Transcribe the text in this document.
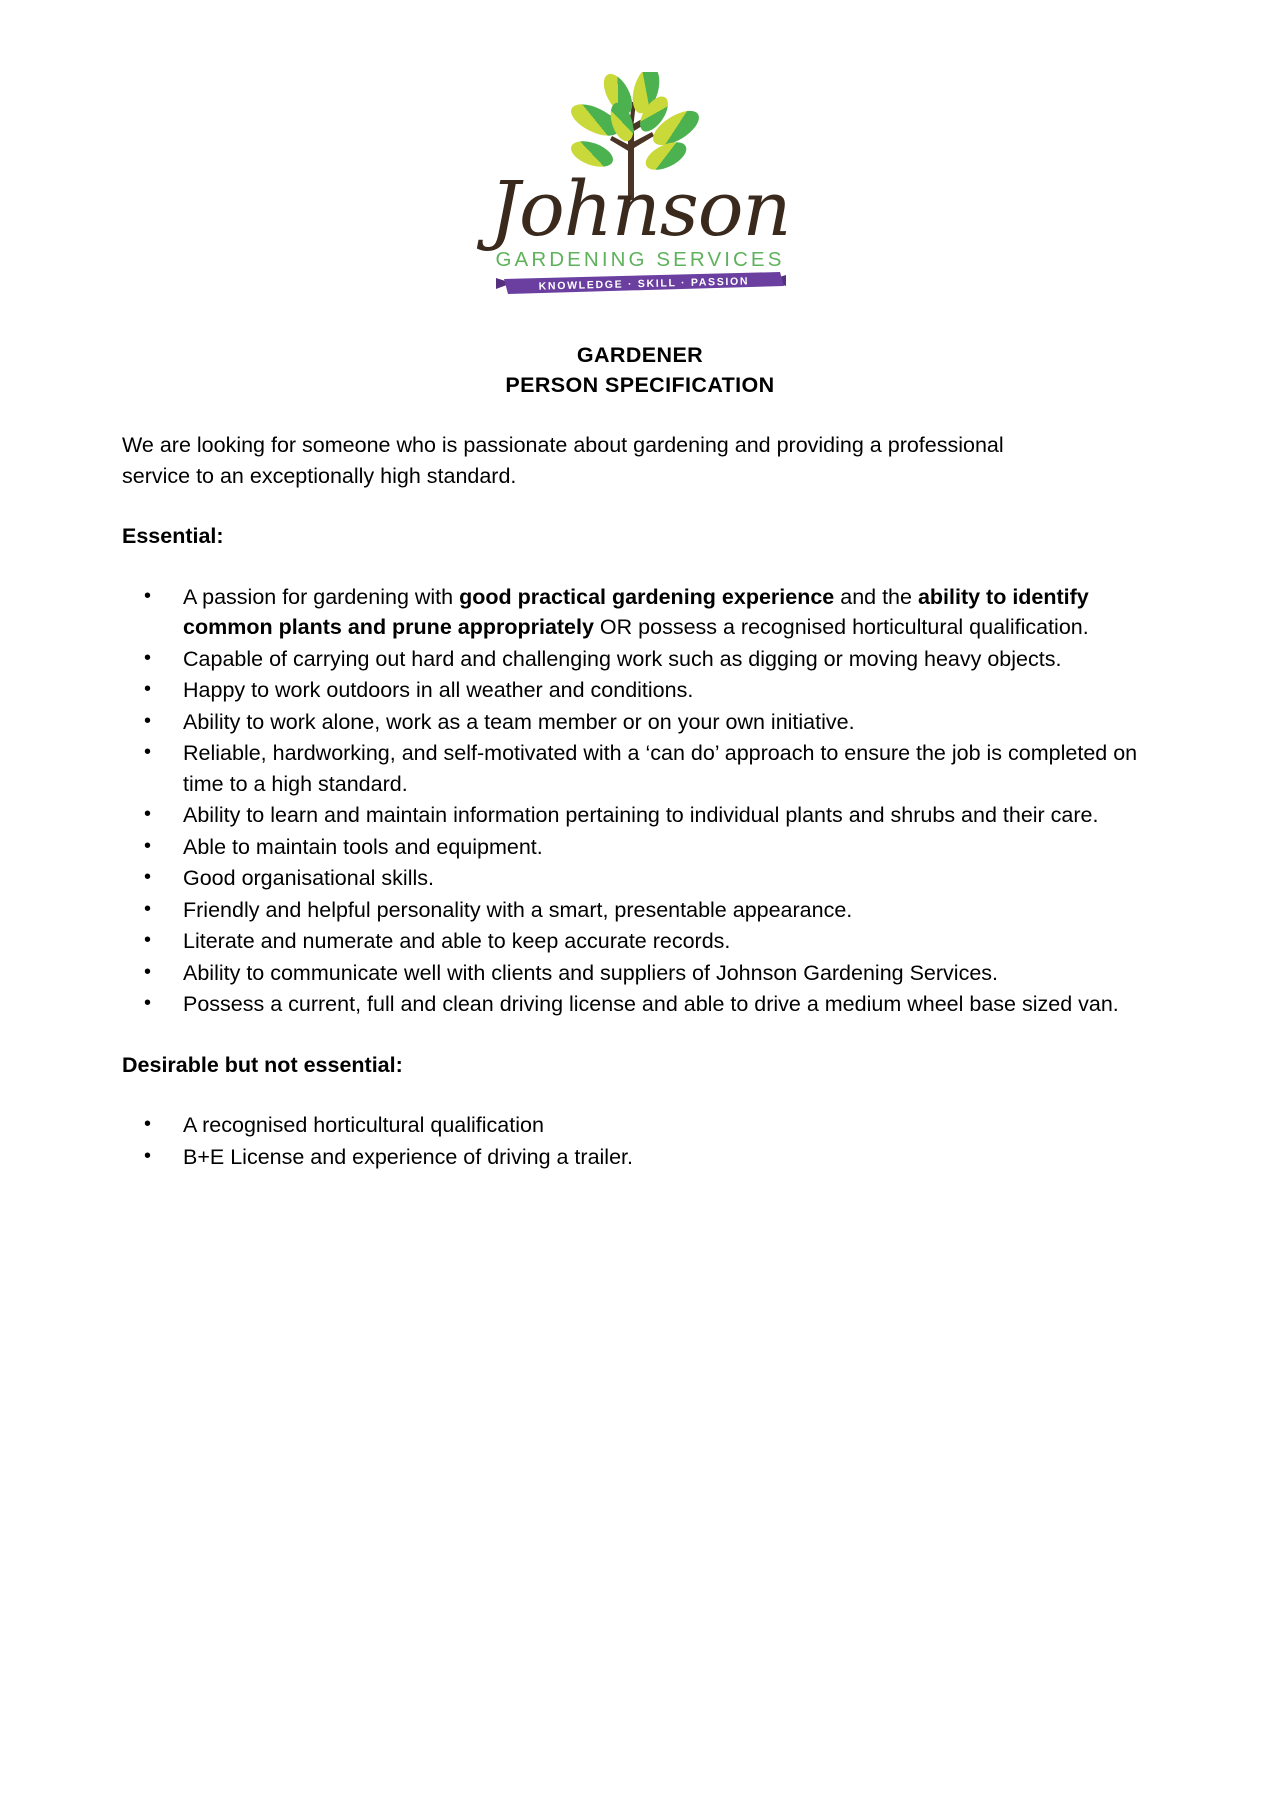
Johnson
GARDENING SERVICES
KNOWLEDGE · SKILL · PASSION
GARDENER
PERSON SPECIFICATION

We are looking for someone who is passionate about gardening and providing a professional service to an exceptionally high standard.

Essential:
• A passion for gardening with good practical gardening experience and the ability to identify common plants and prune appropriately OR possess a recognised horticultural qualification.
• Capable of carrying out hard and challenging work such as digging or moving heavy objects.
• Happy to work outdoors in all weather and conditions.
• Ability to work alone, work as a team member or on your own initiative.
• Reliable, hardworking, and self-motivated with a ‘can do’ approach to ensure the job is completed on time to a high standard.
• Ability to learn and maintain information pertaining to individual plants and shrubs and their care.
• Able to maintain tools and equipment.
• Good organisational skills.
• Friendly and helpful personality with a smart, presentable appearance.
• Literate and numerate and able to keep accurate records.
• Ability to communicate well with clients and suppliers of Johnson Gardening Services.
• Possess a current, full and clean driving license and able to drive a medium wheel base sized van.
Desirable but not essential:
• A recognised horticultural qualification
• B+E License and experience of driving a trailer.
